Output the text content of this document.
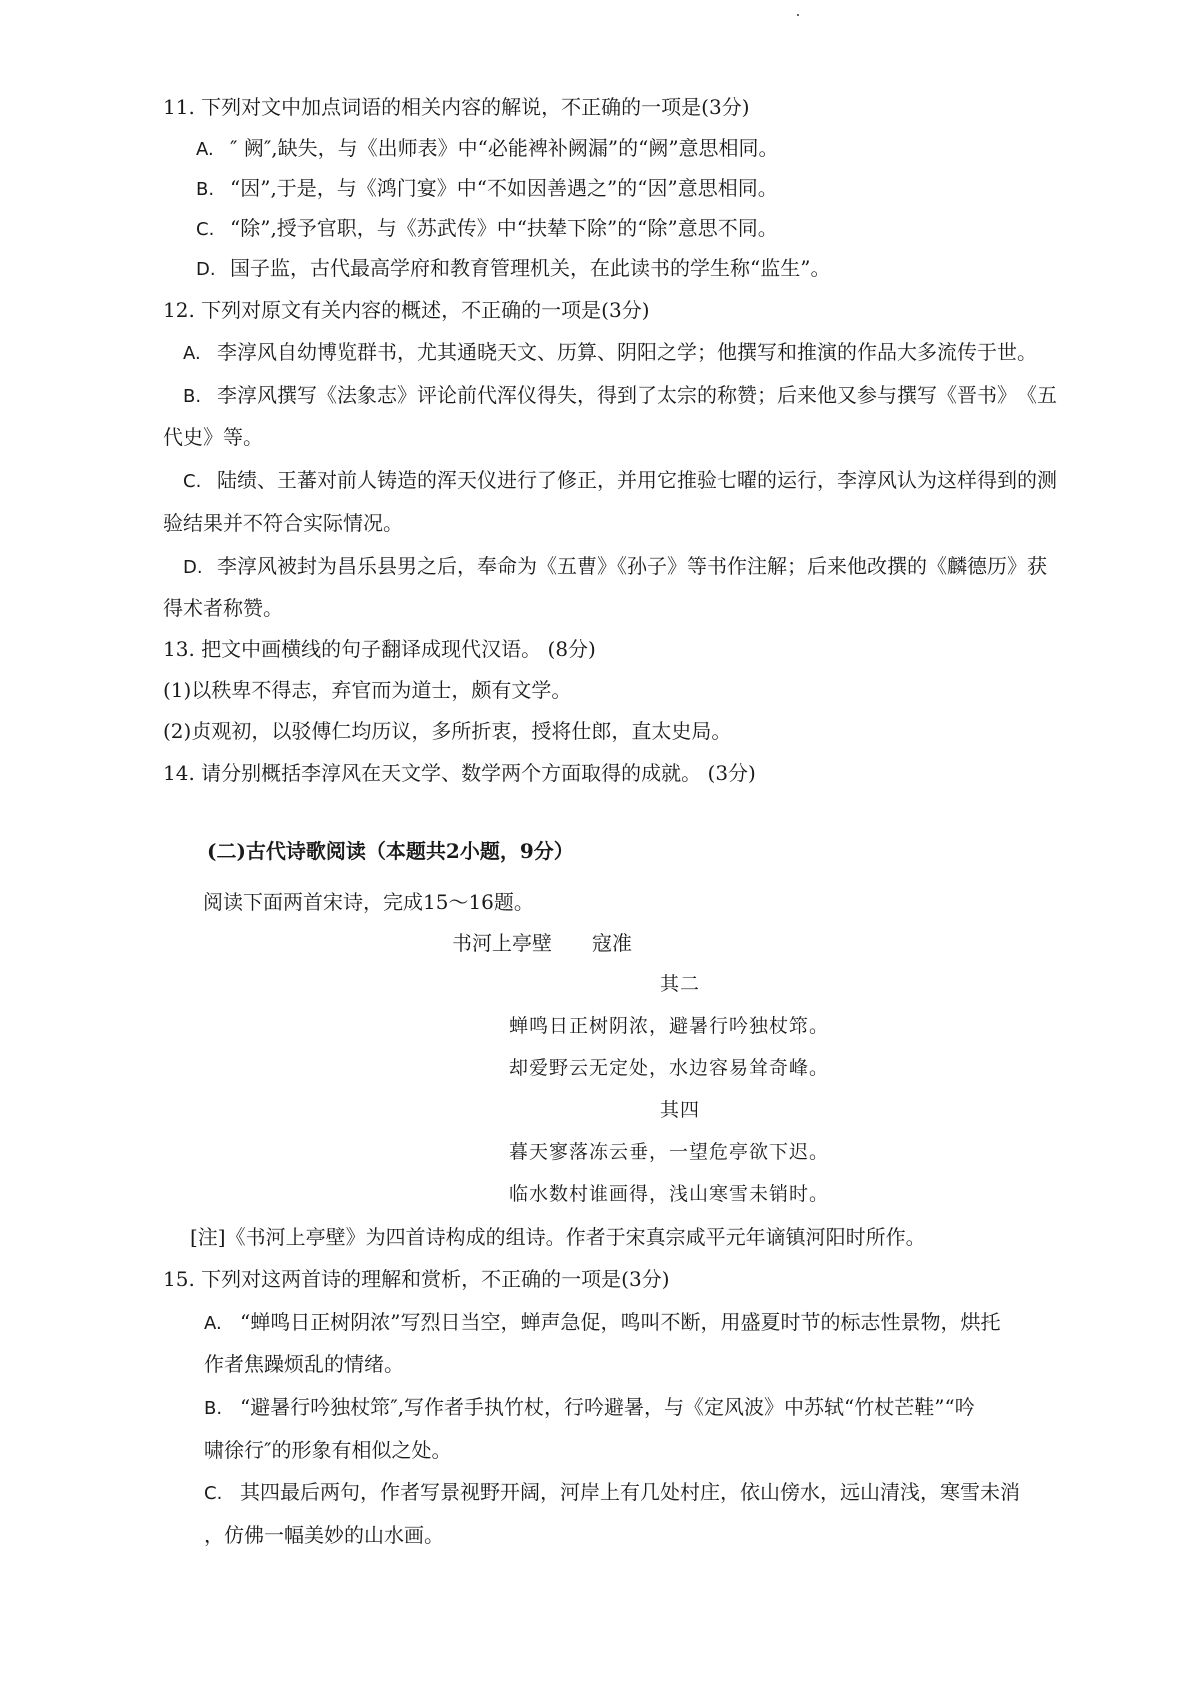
11. 下列对文中加点词语的相关内容的解说，不正确的一项是(3分)
A. ″ 阙″,缺失，与《出师表》中“必能裨补阙漏”的“阙”意思相同。
B. “因”,于是，与《鸿门宴》中“不如因善遇之”的“因”意思相同。
C. “除”,授予官职，与《苏武传》中“扶辇下除”的“除”意思不同。
D. 国子监，古代最高学府和教育管理机关，在此读书的学生称“监生”。
12. 下列对原文有关内容的概述，不正确的一项是(3分)
A. 李淳风自幼博览群书，尤其通晓天文、历算、阴阳之学；他撰写和推演的作品大多流传于世。
B. 李淳风撰写《法象志》评论前代浑仪得失，得到了太宗的称赞；后来他又参与撰写《晋书》　《五
代史》等。
C. 陆绩、王蕃对前人铸造的浑天仪进行了修正，并用它推验七曜的运行，李淳风认为这样得到的测
验结果并不符合实际情况。
D. 李淳风被封为昌乐县男之后，奉命为《五曹》《孙子》等书作注解；后来他改撰的《麟德历》获
得术者称赞。
13. 把文中画横线的句子翻译成现代汉语。 (8分)
(1)以秩卑不得志，弃官而为道士，颇有文学。
(2)贞观初，以驳傅仁均历议，多所折衷，授将仕郎，直太史局。
14. 请分别概括李淳风在天文学、数学两个方面取得的成就。 (3分)
(二)古代诗歌阅读（本题共2小题，9分）
阅读下面两首宋诗，完成15～16题。
书河上亭壁　　寇准
其二
蝉鸣日正树阴浓，避暑行吟独杖筇。
却爱野云无定处，水边容易耸奇峰。
其四
暮天寥落冻云垂，一望危亭欲下迟。
临水数村谁画得，浅山寒雪未销时。
[注]《书河上亭壁》为四首诗构成的组诗。作者于宋真宗咸平元年谪镇河阳时所作。
15. 下列对这两首诗的理解和赏析，不正确的一项是(3分)
A. “蝉鸣日正树阴浓”写烈日当空，蝉声急促，鸣叫不断，用盛夏时节的标志性景物，烘托
作者焦躁烦乱的情绪。
B. “避暑行吟独杖筇″,写作者手执竹杖，行吟避暑，与《定风波》中苏轼“竹杖芒鞋”“吟
啸徐行″的形象有相似之处。
C. 其四最后两句，作者写景视野开阔，河岸上有几处村庄，依山傍水，远山清浅，寒雪未消
，仿佛一幅美妙的山水画。
